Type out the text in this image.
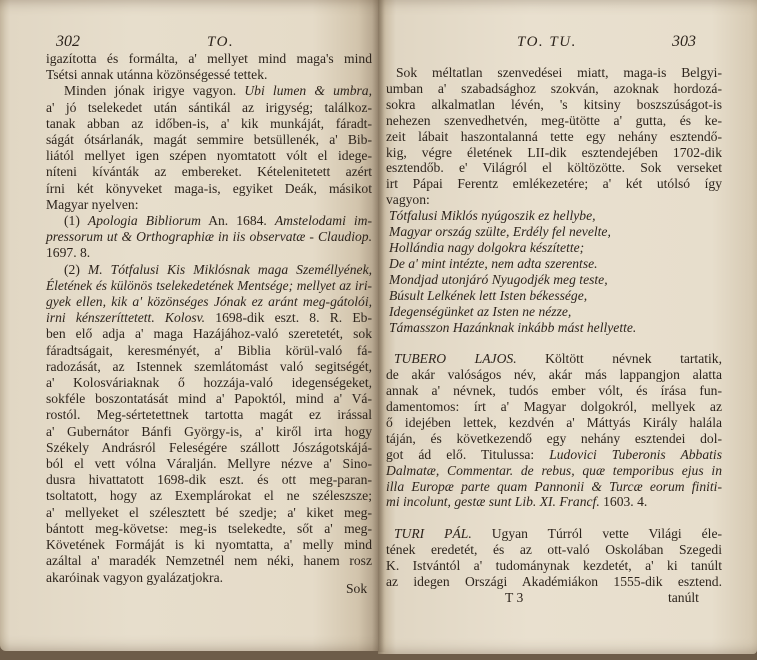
302	TO.
igazította és formálta, a' mellyet mind maga's mind
Tsétsi annak utánna közönségessé tettek.
Minden jónak irigye vagyon. Ubi lumen & umbra,
a' jó tselekedet után sántikál az irigység; találkoz-
tanak abban az időben-is, a' kik munkáját, fáradt-
ságát ótsárlanák, magát semmire betsüllenék, a' Bib-
liától mellyet igen szépen nyomtatott vólt el idege-
níteni kívánták az embereket. Kételenitetett azért
írni két könyveket maga-is, egyiket Deák, másikot
Magyar nyelven:
(1) Apologia Bibliorum An. 1684. Amstelodami im-
pressorum ut & Orthographiæ in iis observatæ - Claudiop.
1697. 8.
(2) M. Tótfalusi Kis Miklósnak maga Személlyének,
Életének és különös tselekedetének Mentsége; mellyet az iri-
gyek ellen, kik a' közönséges Jónak ez aránt meg-gátolói,
irni kénszeríttetett. Kolosv. 1698-dik eszt. 8. R. Eb-
ben elő adja a' maga Hazájához-való szeretetét, sok
fáradtságait, keresményét, a' Biblia körül-való fá-
radozását, az Istennek szemlátomást való segitségét,
a' Kolosváriaknak ő hozzája-való idegenségeket,
sokféle boszontatását mind a' Papoktól, mind a' Vá-
rostól. Meg-sértetettnek tartotta magát ez irással
a' Gubernátor Bánfi György-is, a' kiről irta hogy
Székely Andrásról Feleségére szállott Jószágotskájá-
ból el vett vólna Váralján. Mellyre nézve a' Sino-
dusra hivattatott 1698-dik eszt. és ott meg-paran-
tsoltatott, hogy az Exemplárokat el ne széleszsze;
a' mellyeket el szélesztett bé szedje; a' kiket meg-
bántott meg-követse: meg-is tselekedte, sőt a' meg-
Követének Formáját is ki nyomtatta, a' melly mind
azáltal a' maradék Nemzetnél nem néki, hanem rosz
akaróinak vagyon gyalázatjokra.
Sok
TO. TU.	303
Sok méltatlan szenvedései miatt, maga-is Belgyi-
umban a' szabadsághoz szokván, azoknak hordozá-
sokra alkalmatlan lévén, 's kitsiny boszszúságot-is
nehezen szenvedhetvén, meg-ütötte a' gutta, és ke-
zeit lábait haszontalanná tette egy nehány esztendő-
kig, végre életének LII-dik esztendejében 1702-dik
esztendőb. e' Világról el költözötte. Sok verseket
irt Pápai Ferentz emlékezetére; a' két utólsó így
vagyon:
Tótfalusi Miklós nyúgoszik ez hellybe,
Magyar ország szülte, Erdély fel nevelte,
Hollándia nagy dolgokra készítette;
De a' mint intézte, nem adta szerentse.
Mondjad utonjáró Nyugodjék meg teste,
Búsult Lelkének lett Isten békessége,
Idegenségünket az Isten ne nézze,
Támasszon Hazánknak inkább mást hellyette.
TUBERO LAJOS. Költött névnek tartatik,
de akár valóságos név, akár más lappangjon alatta
annak a' névnek, tudós ember vólt, és írása fun-
damentomos: írt a' Magyar dolgokról, mellyek az
ő idejében lettek, kezdvén a' Máttyás Király halála
táján, és következendő egy nehány esztendei dol-
got ád elő. Titulussa: Ludovici Tuberonis Abbatis
Dalmatæ, Commentar. de rebus, quæ temporibus ejus in
illa Europæ parte quam Pannonii & Turcæ eorum finiti-
mi incolunt, gestæ sunt Lib. XI. Francf. 1603. 4.
TURI PÁL. Ugyan Túrról vette Világi éle-
tének eredetét, és az ott-való Oskolában Szegedi
K. Istvántól a' tudománynak kezdetét, a' ki tanúlt
az idegen Országi Akadémiákon 1555-dik esztend.
T 3	tanúlt
